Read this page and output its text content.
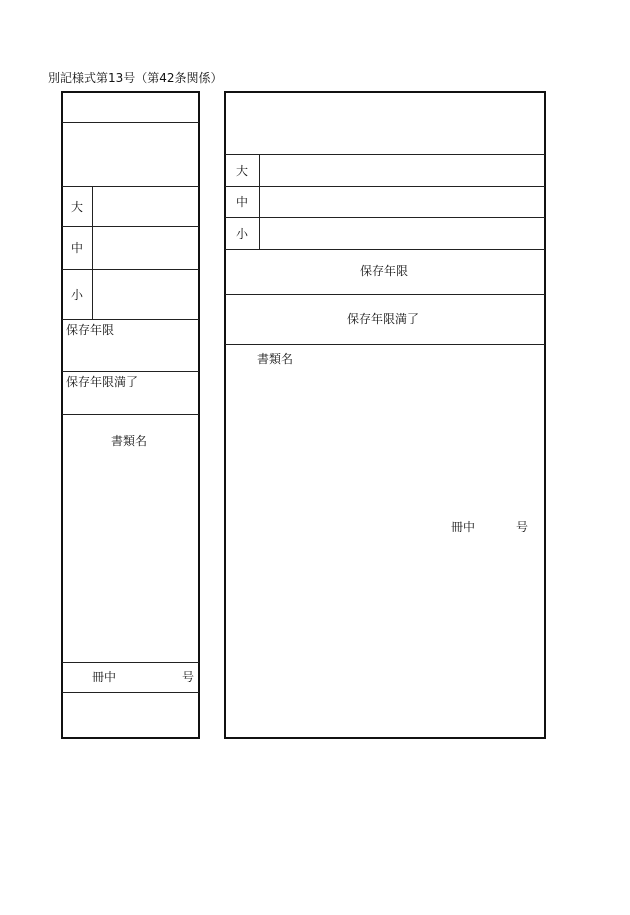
別記様式第13号（第42条関係）
大
中
小
保存年限
保存年限満了
書類名
冊中	号
大
中
小
保存年限
保存年限満了
書類名
冊中	号
